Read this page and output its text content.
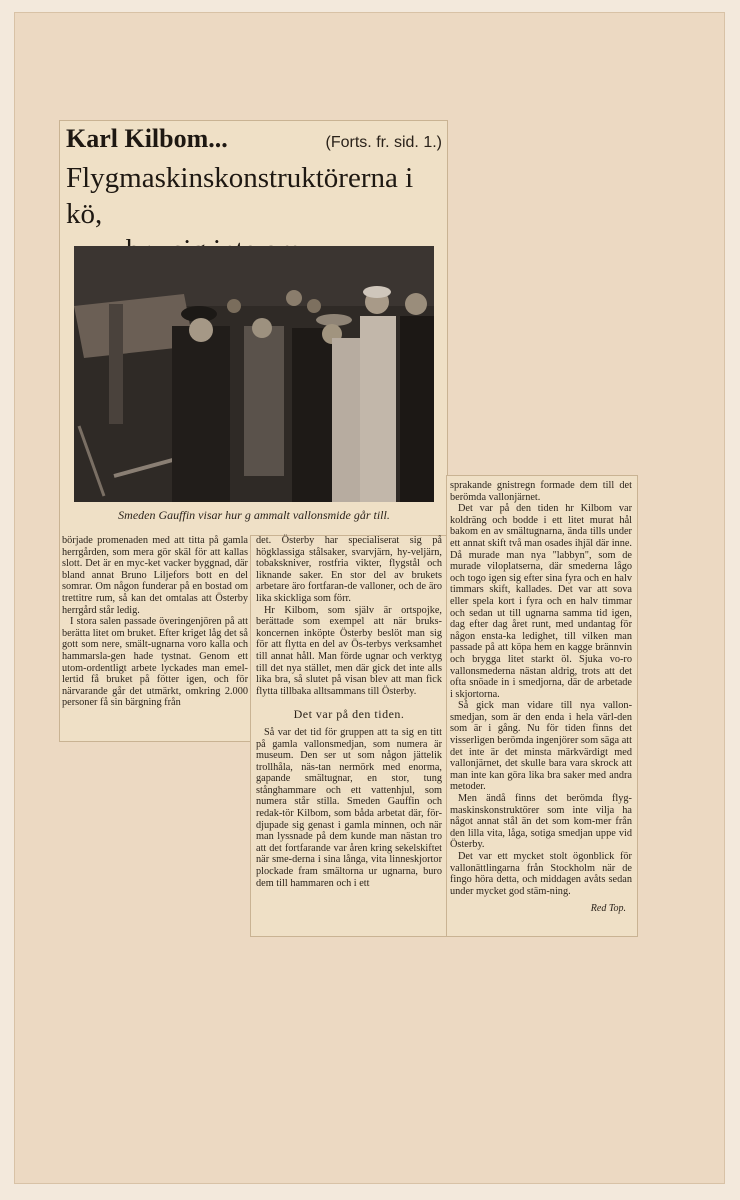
Karl Kilbom...	(Forts. fr. sid. 1.)
Flygmaskinskonstruktörerna i kö,
Smeden Gauffin visar hur g ammalt vallonsmide går till.

började promenaden med att titta på gamla herrgården, som mera gör skäl för att kallas slott. Det är en myc-ket vacker byggnad, där bland annat Bruno Liljefors bott en del somrar. Om någon funderar på en bostad om trettitre rum, så kan det omtalas att Österby herrgård står ledig.

I stora salen passade överingenjören på att berätta litet om bruket. Efter kriget låg det så gott som nere, smält-ugnarna voro kalla och hammarsla-gen hade tystnat. Genom ett utom-ordentligt arbete lyckades man emel-lertid få bruket på fötter igen, och för närvarande går det utmärkt, omkring 2.000 personer få sin bärgning från

det. Österby har specialiserat sig på högklassiga stålsaker, svarvjärn, hy-veljärn, tobakskniver, rostfria vikter, flygstål och liknande saker. En stor del av brukets arbetare äro fortfaran-de valloner, och de äro lika skickliga som förr.

Hr Kilbom, som själv är ortspojke, berättade som exempel att när bruks-koncernen inköpte Österby beslöt man sig för att flytta en del av Ös-terbys verksamhet till annat håll. Man förde ugnar och verktyg till det nya stället, men där gick det inte alls lika bra, så slutet på visan blev att man fick flytta tillbaka alltsammans till Österby.

Det var på den tiden.

Så var det tid för gruppen att ta sig en titt på gamla vallonsmedjan, som numera är museum. Den ser ut som någon jättelik trollhåla, näs-tan nermörk med enorma, gapande smältugnar, en stor, tung stånghammare och ett vattenhjul, som numera står stilla. Smeden Gauffin och redak-tör Kilbom, som båda arbetat där, för-djupade sig genast i gamla minnen, och när man lyssnade på dem kunde man nästan tro att det fortfarande var åren kring sekelskiftet när sme-derna i sina långa, vita linneskjortor plockade fram smältorna ur ugnarna, buro dem till hammaren och i ett

sprakande gnistregn formade dem till det berömda vallonjärnet.

Det var på den tiden hr Kilbom var koldräng och bodde i ett litet murat hål bakom en av smältugnarna, ända tills under ett annat skift två man osades ihjäl där inne. Då murade man nya "labbyn", som de murade viloplatserna, där smederna lågo och togo igen sig efter sina fyra och en halv timmars skift, kallades. Det var att sova eller spela kort i fyra och en halv timmar och sedan ut till ugnarna samma tid igen, dag efter dag året runt, med undantag för någon ensta-ka ledighet, till vilken man passade på att köpa hem en kagge brännvin och brygga litet starkt öl. Sjuka vo-ro vallonsmederna nästan aldrig, trots att det ofta snöade in i smedjorna, där de arbetade i skjortorna.

Så gick man vidare till nya vallon-smedjan, som är den enda i hela värl-den som är i gång. Nu för tiden finns det visserligen berömda ingenjörer som säga att det inte är det minsta märkvärdigt med vallonjärnet, det skulle bara vara skrock att man inte kan göra lika bra saker med andra metoder.

Men ändå finns det berömda flyg-maskinskonstruktörer som inte vilja ha något annat stål än det som kom-mer från den lilla vita, låga, sotiga smedjan uppe vid Österby.

Det var ett mycket stolt ögonblick för vallonättlingarna från Stockholm när de fingo höra detta, och middagen avåts sedan under mycket god stäm-ning.

Red Top.
